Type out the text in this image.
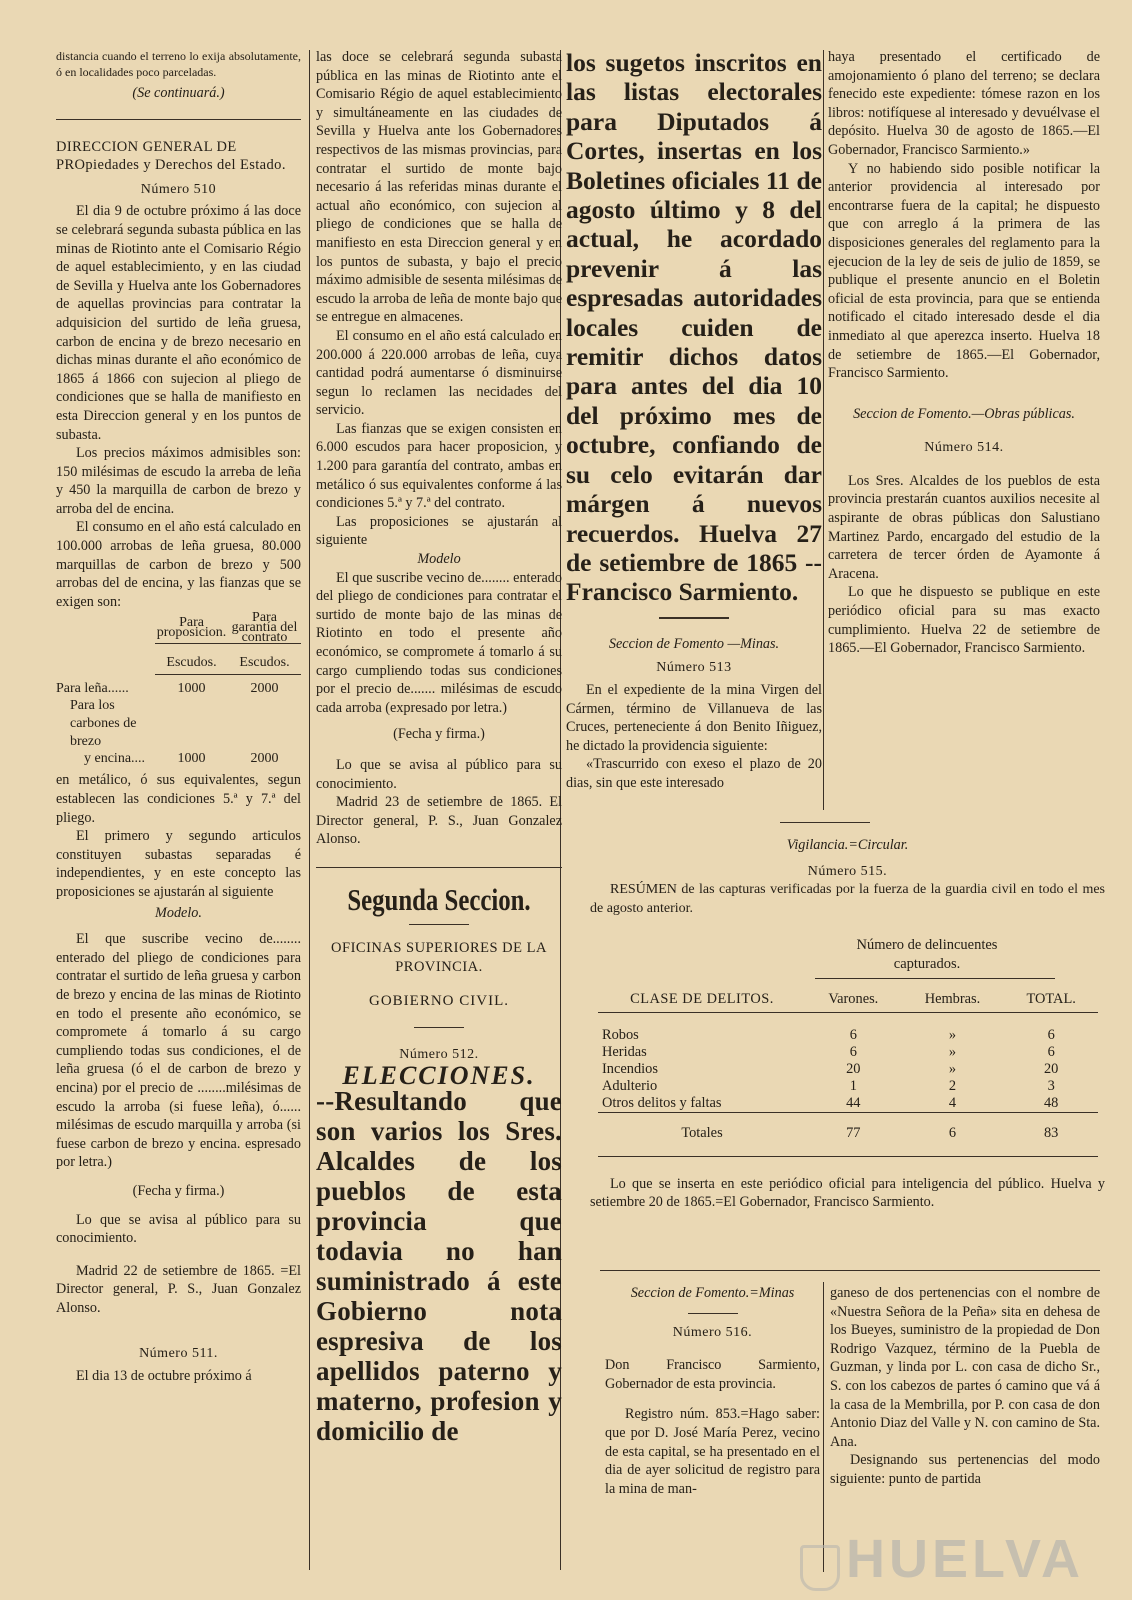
distancia cuando el terreno lo exija absolutamente, ó en localidades poco parceladas.

(Se continuará.)

DIRECCION GENERAL DE PROpiedades y Derechos del Estado.

Número 510

El dia 9 de octubre próximo á las doce se celebrará segunda subasta pública en las minas de Riotinto ante el Comisario Régio de aquel establecimiento, y en las ciudad de Sevilla y Huelva ante los Gobernadores de aquellas provincias para contratar la adquisicion del surtido de leña gruesa, carbon de encina y de brezo necesario en dichas minas durante el año económico de 1865 á 1866 con sujecion al pliego de condiciones que se halla de manifiesto en esta Direccion general y en los puntos de subasta.

Los precios máximos admisibles son: 150 milésimas de escudo la arreba de leña y 450 la marquilla de carbon de brezo y arroba del de encina.

El consumo en el año está calculado en 100.000 arrobas de leña gruesa, 80.000 marquillas de carbon de brezo y 500 arrobas del de encina, y las fianzas que se exigen son:

	Para proposicion.	Para garantía del contrato
	Escudos.	Escudos.
Para leña......	1000	2000
Para los carbones de brezo		
y encina....	1000	2000

en metálico, ó sus equivalentes, segun establecen las condiciones 5.ª y 7.ª del pliego.

El primero y segundo articulos constituyen subastas separadas é independientes, y en este concepto las proposiciones se ajustarán al siguiente

Modelo.

El que suscribe vecino de........ enterado del pliego de condiciones para contratar el surtido de leña gruesa y carbon de brezo y encina de las minas de Riotinto en todo el presente año económico, se compromete á tomarlo á su cargo cumpliendo todas sus condiciones, el de leña gruesa (ó el de carbon de brezo y encina) por el precio de ........milésimas de escudo la arroba (si fuese leña), ó...... milésimas de escudo marquilla y arroba (si fuese carbon de brezo y encina. espresado por letra.)

(Fecha y firma.)

Lo que se avisa al público para su conocimiento.

Madrid 22 de setiembre de 1865. =El Director general, P. S., Juan Gonzalez Alonso.

Número 511.

El dia 13 de octubre próximo á

las doce se celebrará segunda subasta pública en las minas de Riotinto ante el Comisario Régio de aquel establecimiento y simultáneamente en las ciudades de Sevilla y Huelva ante los Gobernadores respectivos de las mismas provincias, para contratar el surtido de monte bajo necesario á las referidas minas durante el actual año económico, con sujecion al pliego de condiciones que se halla de manifiesto en esta Direccion general y en los puntos de subasta, y bajo el precio máximo admisible de sesenta milésimas de escudo la arroba de leña de monte bajo que se entregue en almacenes.

El consumo en el año está calculado en 200.000 á 220.000 arrobas de leña, cuya cantidad podrá aumentarse ó disminuirse segun lo reclamen las necidades del servicio.

Las fianzas que se exigen consisten en 6.000 escudos para hacer proposicion, y 1.200 para garantía del contrato, ambas en metálico ó sus equivalentes conforme á las condiciones 5.ª y 7.ª del contrato.

Las proposiciones se ajustarán al siguiente

Modelo

El que suscribe vecino de........ enterado del pliego de condiciones para contratar el surtido de monte bajo de las minas de Riotinto en todo el presente año económico, se compromete á tomarlo á su cargo cumpliendo todas sus condiciones por el precio de....... milésimas de escudo cada arroba (expresado por letra.)

(Fecha y firma.)

Lo que se avisa al público para su conocimiento.

Madrid 23 de setiembre de 1865. El Director general, P. S., Juan Gonzalez Alonso.

Segunda Seccion.

OFICINAS SUPERIORES DE LA PROVINCIA.

GOBIERNO CIVIL.

Número 512.

ELECCIONES.

--Resultando que son varios los Sres. Alcaldes de los pueblos de esta provincia que todavia no han suministrado á este Gobierno nota espresiva de los apellidos paterno y materno, profesion y domicilio de

los sugetos inscritos en las listas electorales para Diputados á Cortes, insertas en los Boletines oficiales 11 de agosto último y 8 del actual, he acordado prevenir á las espresadas autoridades locales cuiden de remitir dichos datos para antes del dia 10 del próximo mes de octubre, confiando de su celo evitarán dar márgen á nuevos recuerdos. Huelva 27 de setiembre de 1865 --Francisco Sarmiento.

Seccion de Fomento —Minas.

Número 513

En el expediente de la mina Virgen del Cármen, término de Villanueva de las Cruces, perteneciente á don Benito Iñiguez, he dictado la providencia siguiente:

«Trascurrido con exeso el plazo de 20 dias, sin que este interesado

haya presentado el certificado de amojonamiento ó plano del terreno; se declara fenecido este expediente: tómese razon en los libros: notifíquese al interesado y devuélvase el depósito. Huelva 30 de agosto de 1865.—El Gobernador, Francisco Sarmiento.»

Y no habiendo sido posible notificar la anterior providencia al interesado por encontrarse fuera de la capital; he dispuesto que con arreglo á la primera de las disposiciones generales del reglamento para la ejecucion de la ley de seis de julio de 1859, se publique el presente anuncio en el Boletin oficial de esta provincia, para que se entienda notificado el citado interesado desde el dia inmediato al que aperezca inserto. Huelva 18 de setiembre de 1865.—El Gobernador, Francisco Sarmiento.

Seccion de Fomento.—Obras públicas.

Número 514.

Los Sres. Alcaldes de los pueblos de esta provincia prestarán cuantos auxilios necesite al aspirante de obras públicas don Salustiano Martinez Pardo, encargado del estudio de la carretera de tercer órden de Ayamonte á Aracena.

Lo que he dispuesto se publique en este periódico oficial para su mas exacto cumplimiento. Huelva 22 de setiembre de 1865.—El Gobernador, Francisco Sarmiento.

Vigilancia.=Circular.

Número 515.

RESÚMEN de las capturas verificadas por la fuerza de la guardia civil en todo el mes de agosto anterior.

Número de delincuentes capturados.

CLASE DE DELITOS.	Varones.	Hembras.	TOTAL.

Robos	6	»	6
Heridas	6	»	6
Incendios	20	»	20
Adulterio	1	2	3
Otros delitos y faltas	44	4	48

Totales	77	6	83

Lo que se inserta en este periódico oficial para inteligencia del público. Huelva y setiembre 20 de 1865.=El Gobernador, Francisco Sarmiento.

Seccion de Fomento.=Minas

Número 516.

Don Francisco Sarmiento, Gobernador de esta provincia.

Registro núm. 853.=Hago saber: que por D. José María Perez, vecino de esta capital, se ha presentado en el dia de ayer solicitud de registro para la mina de man-

ganeso de dos pertenencias con el nombre de «Nuestra Señora de la Peña» sita en dehesa de los Bueyes, suministro de la propiedad de Don Rodrigo Vazquez, término de la Puebla de Guzman, y linda por L. con casa de dicho Sr., S. con los cabezos de partes ó camino que vá á la casa de la Membrilla, por P. con casa de don Antonio Diaz del Valle y N. con camino de Sta. Ana.

Designando sus pertenencias del modo siguiente: punto de partida

HUELVA
